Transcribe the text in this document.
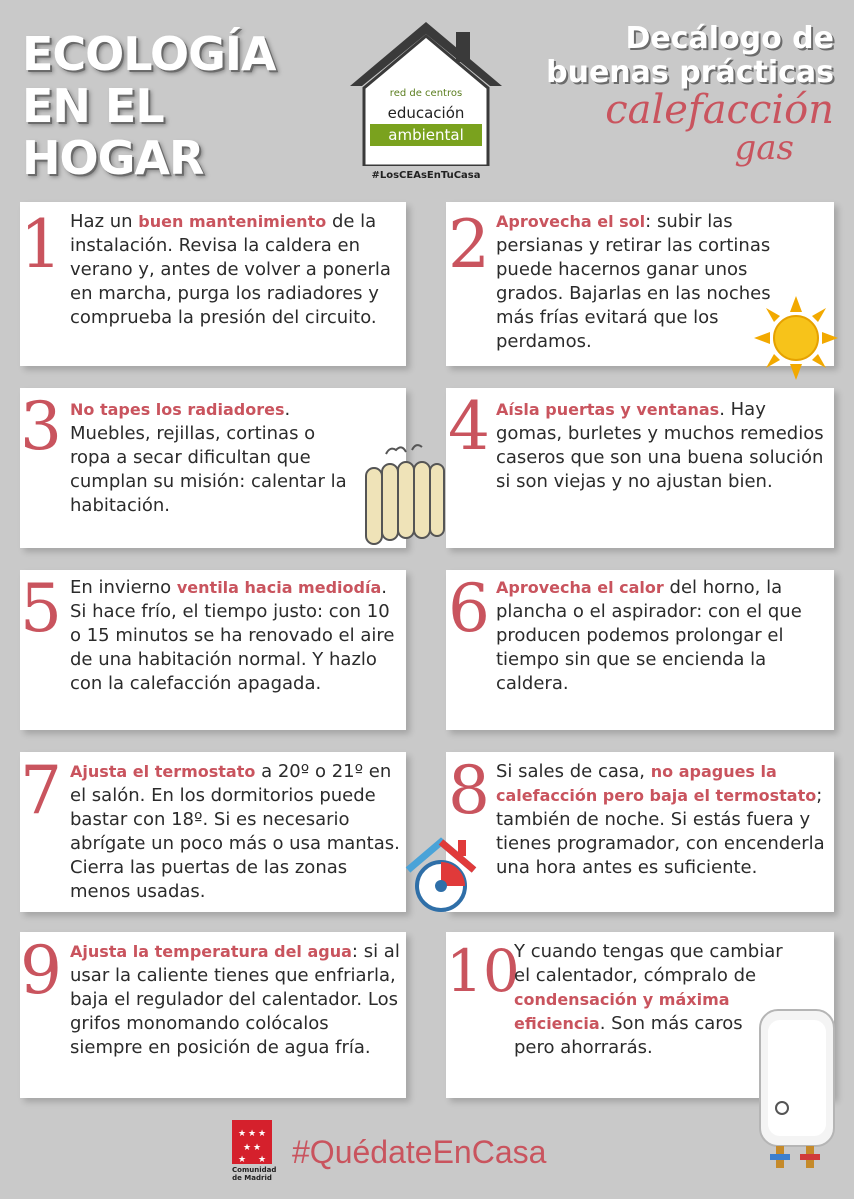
ECOLOGÍA
EN EL
HOGAR
red de centros
educación
ambiental
#LosCEAsEnTuCasa
Decálogo de
buenas prácticas
calefacción
gas
1 Haz un buen mantenimiento de la instalación. Revisa la caldera en verano y, antes de volver a ponerla en marcha, purga los radiadores y comprueba la presión del circuito.
2 Aprovecha el sol: subir las persianas y retirar las cortinas puede hacernos ganar unos grados. Bajarlas en las noches más frías evitará que los perdamos.
3 No tapes los radiadores. Muebles, rejillas, cortinas o ropa a secar dificultan que cumplan su misión: calentar la habitación.
4 Aísla puertas y ventanas. Hay gomas, burletes y muchos remedios caseros que son una buena solución si son viejas y no ajustan bien.
5 En invierno ventila hacia mediodía. Si hace frío, el tiempo justo: con 10 o 15 minutos se ha renovado el aire de una habitación normal. Y hazlo con la calefacción apagada.
6 Aprovecha el calor del horno, la plancha o el aspirador: con el que producen podemos prolongar el tiempo sin que se encienda la caldera.
7 Ajusta el termostato a 20º o 21º en el salón. En los dormitorios puede bastar con 18º. Si es necesario abrígate un poco más o usa mantas. Cierra las puertas de las zonas menos usadas.
8 Si sales de casa, no apagues la calefacción pero baja el termostato; también de noche. Si estás fuera y tienes programador, con encenderla una hora antes es suficiente.
9 Ajusta la temperatura del agua: si al usar la caliente tienes que enfriarla, baja el regulador del calentador. Los grifos monomando colócalos siempre en posición de agua fría.
10
Y cuando tengas que cambiar el calentador, cómpralo de condensación y máxima eficiencia. Son más caros pero ahorrarás.
★ ★ ★
★ ★
★ ★
Comunidad
de Madrid
#QuédateEnCasa
